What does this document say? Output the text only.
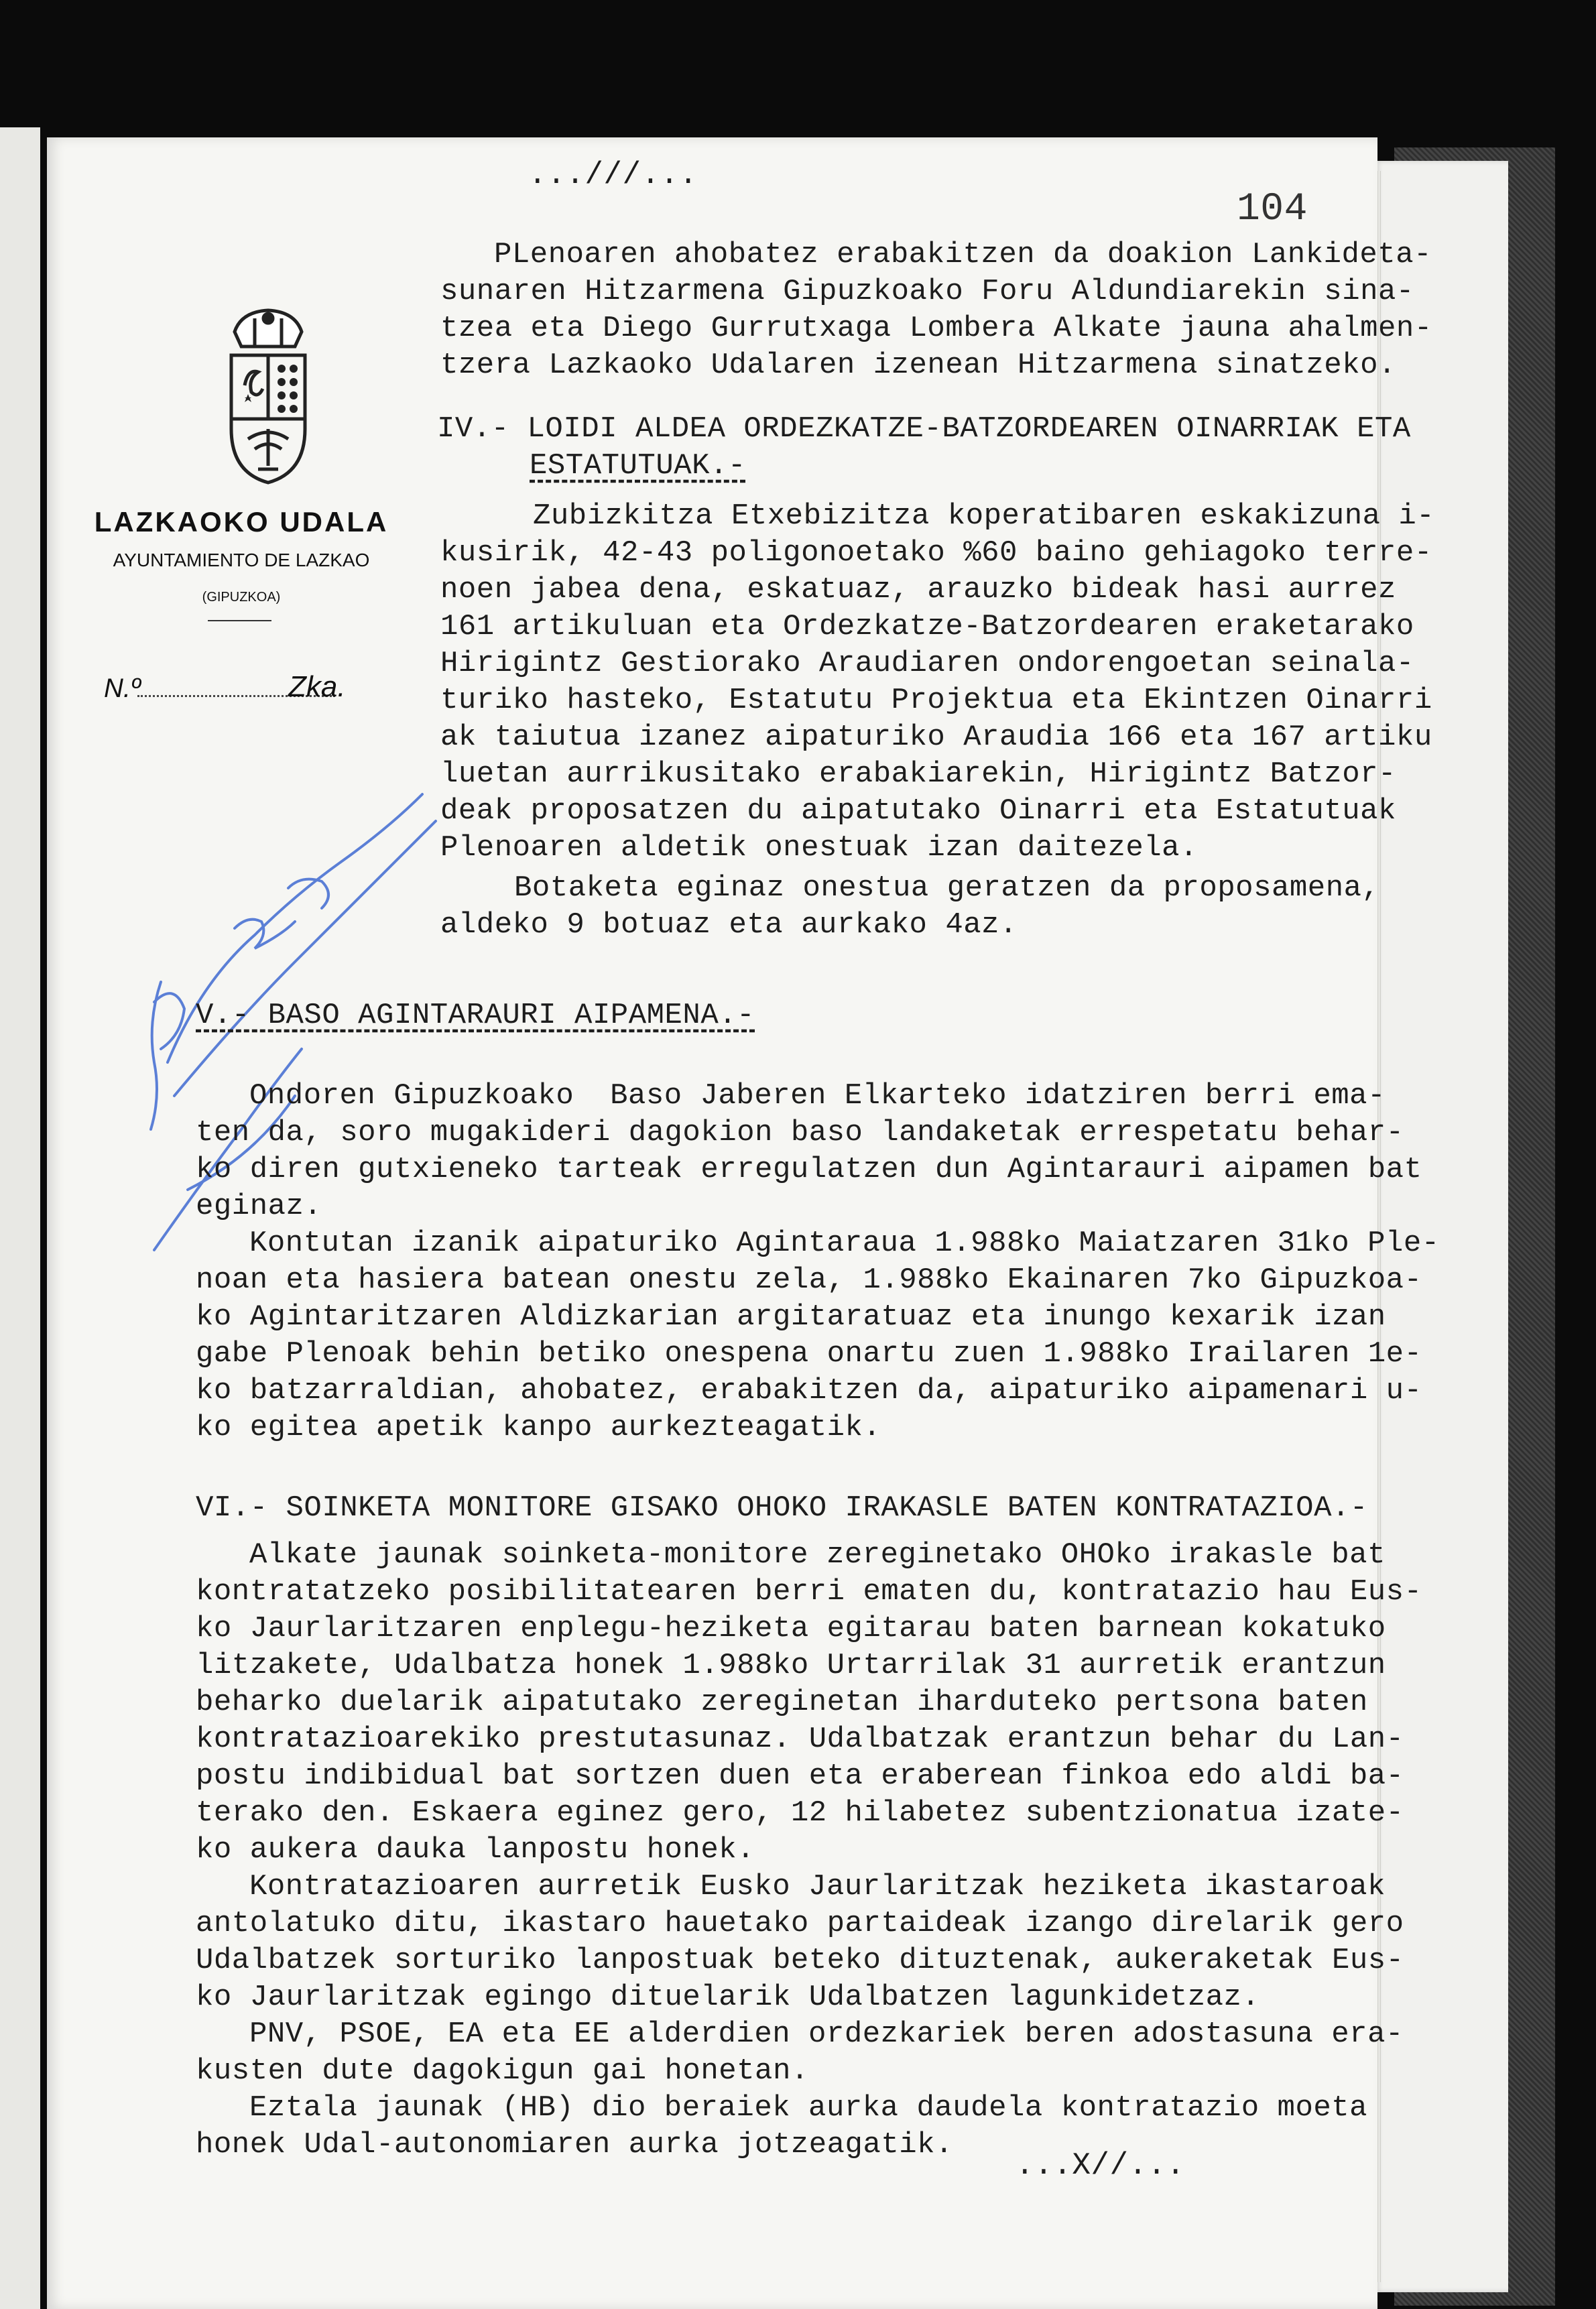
LAZKAOKO UDALA
AYUNTAMIENTO DE LAZKAO
(GIPUZKOA)
N.º	Zka.
...///...
104
PLenoaren ahobatez erabakitzen da doakion Lankideta-
sunaren Hitzarmena Gipuzkoako Foru Aldundiarekin sina-
tzea eta Diego Gurrutxaga Lombera Alkate jauna ahalmen-
tzera Lazkaoko Udalaren izenean Hitzarmena sinatzeko.
IV.- LOIDI ALDEA ORDEZKATZE-BATZORDEAREN OINARRIAK ETA
ESTATUTUAK.-
Zubizkitza Etxebizitza koperatibaren eskakizuna i-
kusirik, 42-43 poligonoetako %60 baino gehiagoko terre-
noen jabea dena, eskatuaz, arauzko bideak hasi aurrez
161 artikuluan eta Ordezkatze-Batzordearen eraketarako
Hirigintz Gestiorako Araudiaren ondorengoetan seinala-
turiko hasteko, Estatutu Projektua eta Ekintzen Oinarri
ak taiutua izanez aipaturiko Araudia 166 eta 167 artiku
luetan aurrikusitako erabakiarekin, Hirigintz Batzor-
deak proposatzen du aipatutako Oinarri eta Estatutuak
Plenoaren aldetik onestuak izan daitezela.
Botaketa eginaz onestua geratzen da proposamena,
aldeko 9 botuaz eta aurkako 4az.
V.- BASO AGINTARAURI AIPAMENA.-
Ondoren Gipuzkoako  Baso Jaberen Elkarteko idatziren berri ema-
ten da, soro mugakideri dagokion baso landaketak errespetatu behar-
ko diren gutxieneko tarteak erregulatzen dun Agintarauri aipamen bat
eginaz.
Kontutan izanik aipaturiko Agintaraua 1.988ko Maiatzaren 31ko Ple-
noan eta hasiera batean onestu zela, 1.988ko Ekainaren 7ko Gipuzkoa-
ko Agintaritzaren Aldizkarian argitaratuaz eta inungo kexarik izan
gabe Plenoak behin betiko onespena onartu zuen 1.988ko Irailaren 1e-
ko batzarraldian, ahobatez, erabakitzen da, aipaturiko aipamenari u-
ko egitea apetik kanpo aurkezteagatik.
VI.- SOINKETA MONITORE GISAKO OHOKO IRAKASLE BATEN KONTRATAZIOA.-
Alkate jaunak soinketa-monitore zereginetako OHOko irakasle bat
kontratatzeko posibilitatearen berri ematen du, kontratazio hau Eus-
ko Jaurlaritzaren enplegu-heziketa egitarau baten barnean kokatuko
litzakete, Udalbatza honek 1.988ko Urtarrilak 31 aurretik erantzun
beharko duelarik aipatutako zereginetan iharduteko pertsona baten
kontratazioarekiko prestutasunaz. Udalbatzak erantzun behar du Lan-
postu indibidual bat sortzen duen eta eraberean finkoa edo aldi ba-
terako den. Eskaera eginez gero, 12 hilabetez subentzionatua izate-
ko aukera dauka lanpostu honek.
Kontratazioaren aurretik Eusko Jaurlaritzak heziketa ikastaroak
antolatuko ditu, ikastaro hauetako partaideak izango direlarik gero
Udalbatzek sorturiko lanpostuak beteko dituztenak, aukeraketak Eus-
ko Jaurlaritzak egingo dituelarik Udalbatzen lagunkidetzaz.
PNV, PSOE, EA eta EE alderdien ordezkariek beren adostasuna era-
kusten dute dagokigun gai honetan.
Eztala jaunak (HB) dio beraiek aurka daudela kontratazio moeta
honek Udal-autonomiaren aurka jotzeagatik.
...X//...
